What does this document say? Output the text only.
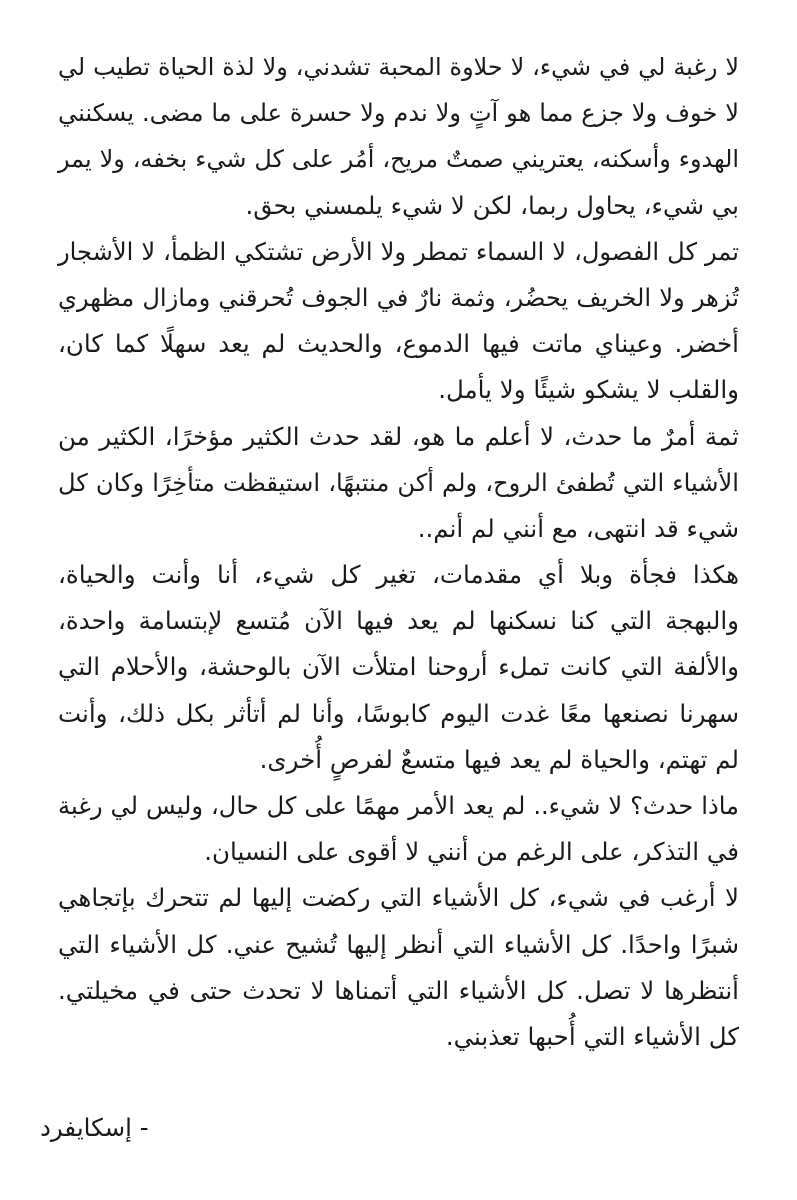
لا رغبة لي في شيء، لا حلاوة المحبة تشدني، ولا لذة الحياة تطيب لي
لا خوف ولا جزع مما هو آتٍ ولا ندم ولا حسرة على ما مضى. يسكنني
الهدوء وأسكنه، يعتريني صمتٌ مريح، أمُر على كل شيء بخفه، ولا يمر
بي شيء، يحاول ربما، لكن لا شيء يلمسني بحق.
تمر كل الفصول، لا السماء تمطر ولا الأرض تشتكي الظمأ، لا الأشجار
تُزهر ولا الخريف يحضُر، وثمة نارٌ في الجوف تُحرقني ومازال مظهري
أخضر. وعيناي ماتت فيها الدموع، والحديث لم يعد سهلًا كما كان،
والقلب لا يشكو شيئًا ولا يأمل.
ثمة أمرٌ ما حدث، لا أعلم ما هو، لقد حدث الكثير مؤخرًا، الكثير من
الأشياء التي تُطفئ الروح، ولم أكن منتبهًا، استيقظت متأخِرًا وكان كل
شيء قد انتهى، مع أنني لم أنم..
هكذا فجأة وبلا أي مقدمات، تغير كل شيء، أنا وأنت والحياة،
والبهجة التي كنا نسكنها لم يعد فيها الآن مُتسع لإبتسامة واحدة،
والألفة التي كانت تملء أروحنا امتلأت الآن بالوحشة، والأحلام التي
سهرنا نصنعها معًا غدت اليوم كابوسًا، وأنا لم أتأثر بكل ذلك، وأنت
لم تهتم، والحياة لم يعد فيها متسعٌ لفرصٍ أُخرى.
ماذا حدث؟ لا شيء.. لم يعد الأمر مهمًا على كل حال، وليس لي رغبة
في التذكر، على الرغم من أنني لا أقوى على النسيان.
لا أرغب في شيء، كل الأشياء التي ركضت إليها لم تتحرك بإتجاهي
شبرًا واحدًا. كل الأشياء التي أنظر إليها تُشيح عني. كل الأشياء التي
أنتظرها لا تصل. كل الأشياء التي أتمناها لا تحدث حتى في مخيلتي.
كل الأشياء التي أُحبها تعذبني.
- إسكايفرد
